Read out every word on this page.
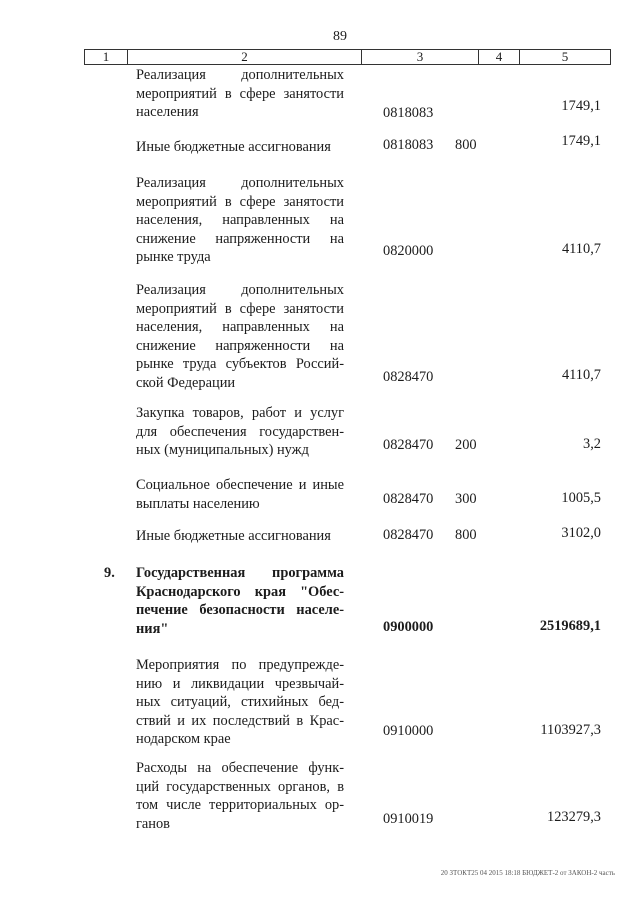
89
1	2	3	4	5
Реализация дополнительных мероприятий в сфере занятости населения	0818083	1749,1
Иные бюджетные ассигнования	0818083 800	1749,1
Реализация дополнительных мероприятий в сфере занятости населения, направленных на снижение напряженности на рынке труда	0820000	4110,7
Реализация дополнительных мероприятий в сфере занятости населения, направленных на снижение напряженности на рынке труда субъектов Россий-ской Федерации	0828470	4110,7
Закупка товаров, работ и услуг для обеспечения государствен-ных (муниципальных) нужд	0828470 200	3,2
Социальное обеспечение и иные выплаты населению	0828470 300	1005,5
Иные бюджетные ассигнования	0828470 800	3102,0
9. Государственная программа Краснодарского края "Обес-печение безопасности населе-ния"	0900000	2519689,1
Мероприятия по предупрежде-нию и ликвидации чрезвычай-ных ситуаций, стихийных бед-ствий и их последствий в Крас-нодарском крае	0910000	1103927,3
Расходы на обеспечение функ-ций государственных органов, в том числе территориальных ор-ганов	0910019	123279,3
20 ЗТОКТ25 04 2015 18:18 БЮДЖЕТ-2 от ЗАКОН-2 часть
